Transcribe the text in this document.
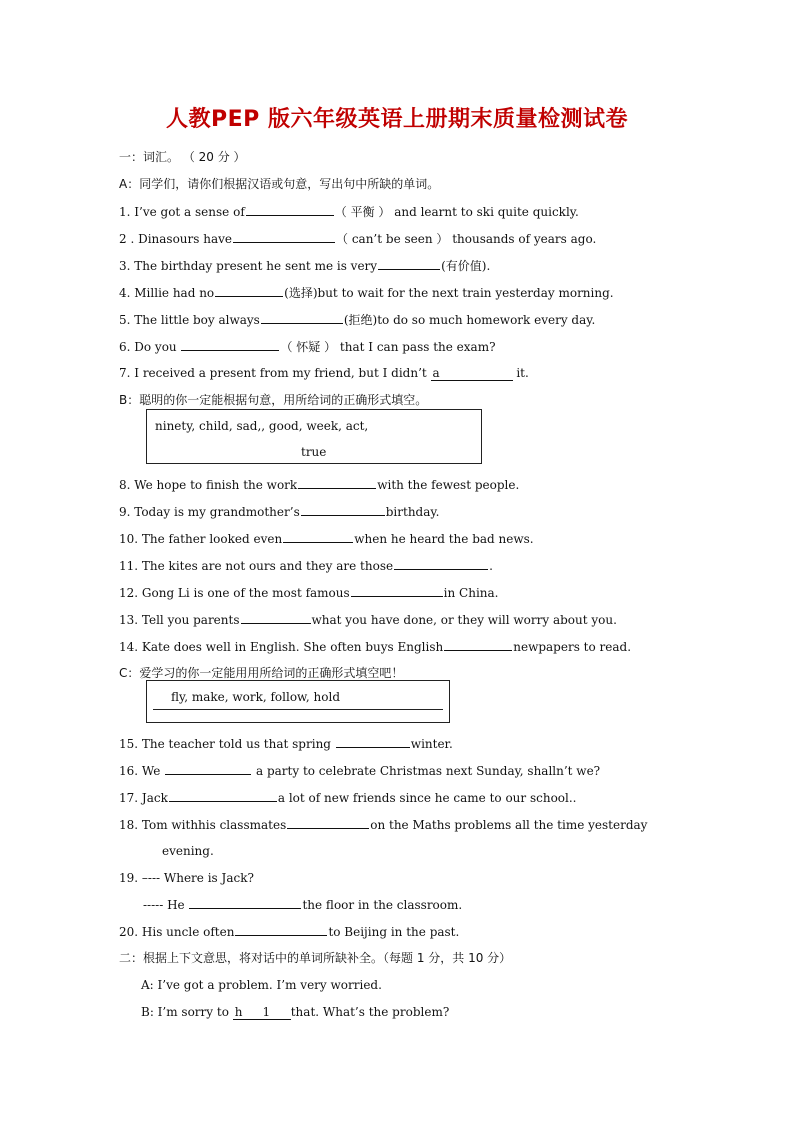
人教PEP 版六年级英语上册期末质量检测试卷
一：词汇。 （ 20 分 ）
A：同学们，请你们根据汉语或句意，写出句中所缺的单词。
1. I’ve got a sense of	（ 平衡 ） and learnt to ski quite quickly.
2 . Dinasours have	（ can’t be seen ） thousands of years ago.
3. The birthday present he sent me is very	(有价值).
4. Millie had no	(选择)but to wait for the next train yesterday morning.
5. The little boy always	(拒绝)to do so much homework every day.
6. Do you	（ 怀疑 ） that I can pass the exam?
7. I received a present from my friend, but I didn’t a	it.
B：聪明的你一定能根据句意，用所给词的正确形式填空。
ninety, child, sad,, good, week, act,
true
8. We hope to finish the work	with the fewest people.
9. Today is my grandmother’s	birthday.
10. The father looked even	when he heard the bad news.
11. The kites are not ours and they are those	.
12. Gong Li is one of the most famous	in China.
13. Tell you parents	what you have done, or they will worry about you.
14. Kate does well in English. She often buys English	newpapers to read.
C：爱学习的你一定能用用所给词的正确形式填空吧！
fly, make, work, follow, hold
15. The teacher told us that spring	winter.
16. We	a party to celebrate Christmas next Sunday, shalln’t we?
17. Jack	a lot of new friends since he came to our school..
18. Tom withhis classmates	on the Maths problems all the time yesterday
evening.
19. –--- Where is Jack?
----- He	the floor in the classroom.
20. His uncle often	to Beijing in the past.
二：根据上下文意思，将对话中的单词所缺补全。（每题 1 分，共 10 分）
A: I’ve got a problem. I’m very worried.
B: I’m sorry to h 1 that. What’s the problem?
